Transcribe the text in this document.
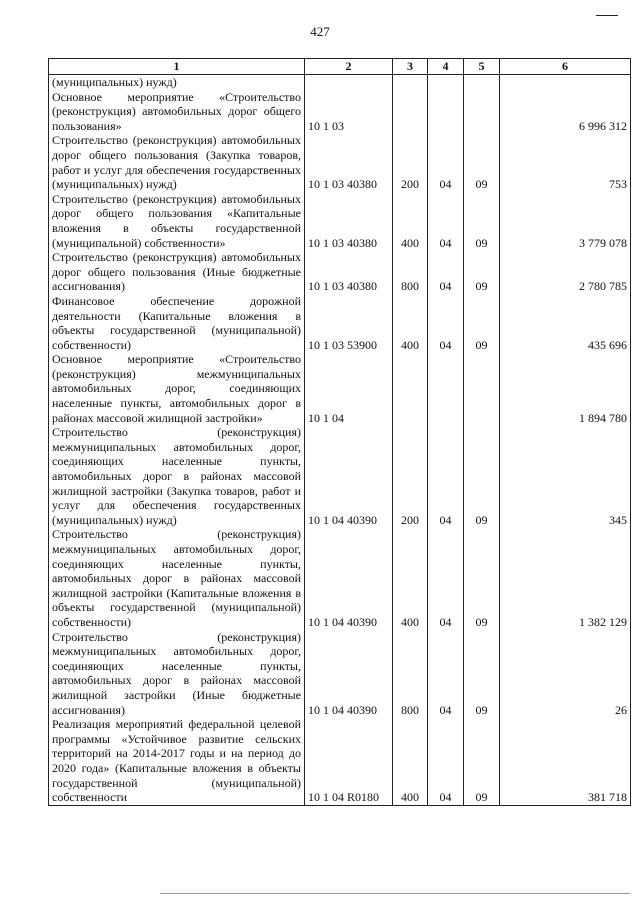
427
1	2	3	4	5	6
(муниципальных) нужд)					
Основное мероприятие «Строительство (реконструкция) автомобильных дорог общего пользования»	10 1 03				6 996 312
Строительство (реконструкция) автомобильных дорог общего пользования (Закупка товаров, работ и услуг для обеспечения государственных (муниципальных) нужд)	10 1 03 40380	200	04	09	753
Строительство (реконструкция) автомобильных дорог общего пользования «Капитальные вложения в объекты государственной (муниципальной) собственности»	10 1 03 40380	400	04	09	3 779 078
Строительство (реконструкция) автомобильных дорог общего пользования (Иные бюджетные ассигнования)	10 1 03 40380	800	04	09	2 780 785
Финансовое обеспечение дорожной деятельности (Капитальные вложения в объекты государственной (муниципальной) собственности)	10 1 03 53900	400	04	09	435 696
Основное мероприятие «Строительство (реконструкция) межмуниципальных автомобильных дорог, соединяющих населенные пункты, автомобильных дорог в районах массовой жилищной застройки»	10 1 04				1 894 780
Строительство (реконструкция) межмуниципальных автомобильных дорог, соединяющих населенные пункты, автомобильных дорог в районах массовой жилищной застройки (Закупка товаров, работ и услуг для обеспечения государственных (муниципальных) нужд)	10 1 04 40390	200	04	09	345
Строительство (реконструкция) межмуниципальных автомобильных дорог, соединяющих населенные пункты, автомобильных дорог в районах массовой жилищной застройки (Капитальные вложения в объекты государственной (муниципальной) собственности)	10 1 04 40390	400	04	09	1 382 129
Строительство (реконструкция) межмуниципальных автомобильных дорог, соединяющих населенные пункты, автомобильных дорог в районах массовой жилищной застройки (Иные бюджетные ассигнования)	10 1 04 40390	800	04	09	26
Реализация мероприятий федеральной целевой программы «Устойчивое развитие сельских территорий на 2014-2017 годы и на период до 2020 года» (Капитальные вложения в объекты государственной (муниципальной) собственности	10 1 04 R0180	400	04	09	381 718
